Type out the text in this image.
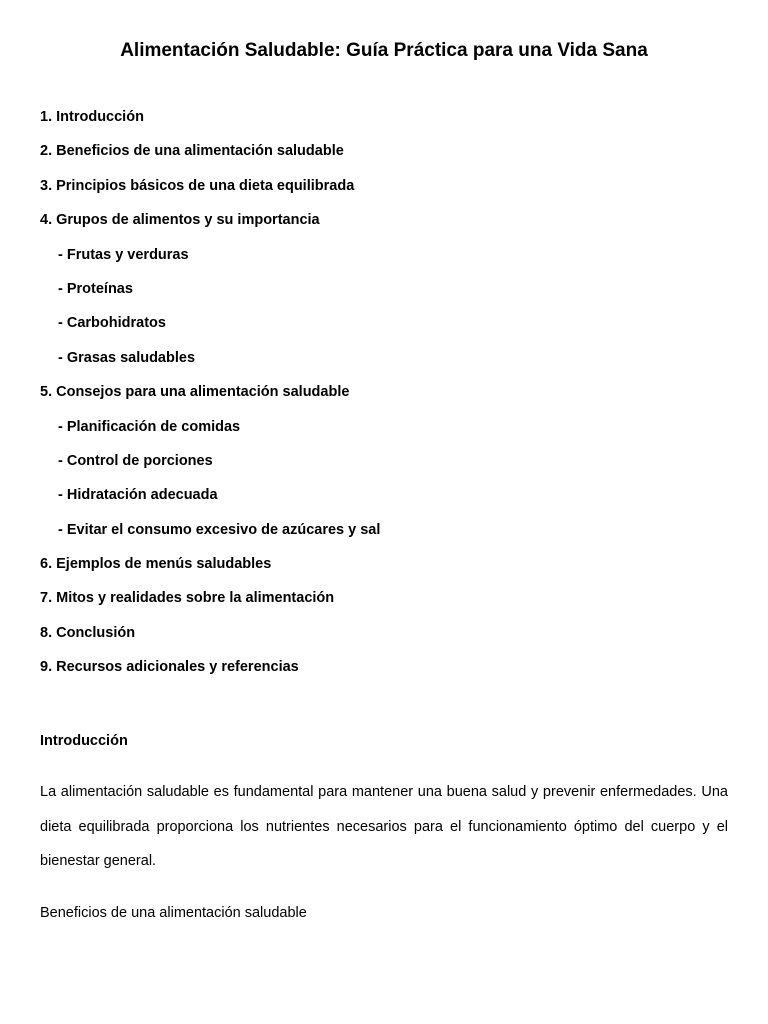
Alimentación Saludable: Guía Práctica para una Vida Sana
1. Introducción
2. Beneficios de una alimentación saludable
3. Principios básicos de una dieta equilibrada
4. Grupos de alimentos y su importancia
- Frutas y verduras
- Proteínas
- Carbohidratos
- Grasas saludables
5. Consejos para una alimentación saludable
- Planificación de comidas
- Control de porciones
- Hidratación adecuada
- Evitar el consumo excesivo de azúcares y sal
6. Ejemplos de menús saludables
7. Mitos y realidades sobre la alimentación
8. Conclusión
9. Recursos adicionales y referencias
Introducción

La alimentación saludable es fundamental para mantener una buena salud y prevenir enfermedades. Una dieta equilibrada proporciona los nutrientes necesarios para el funcionamiento óptimo del cuerpo y el bienestar general.

Beneficios de una alimentación saludable
